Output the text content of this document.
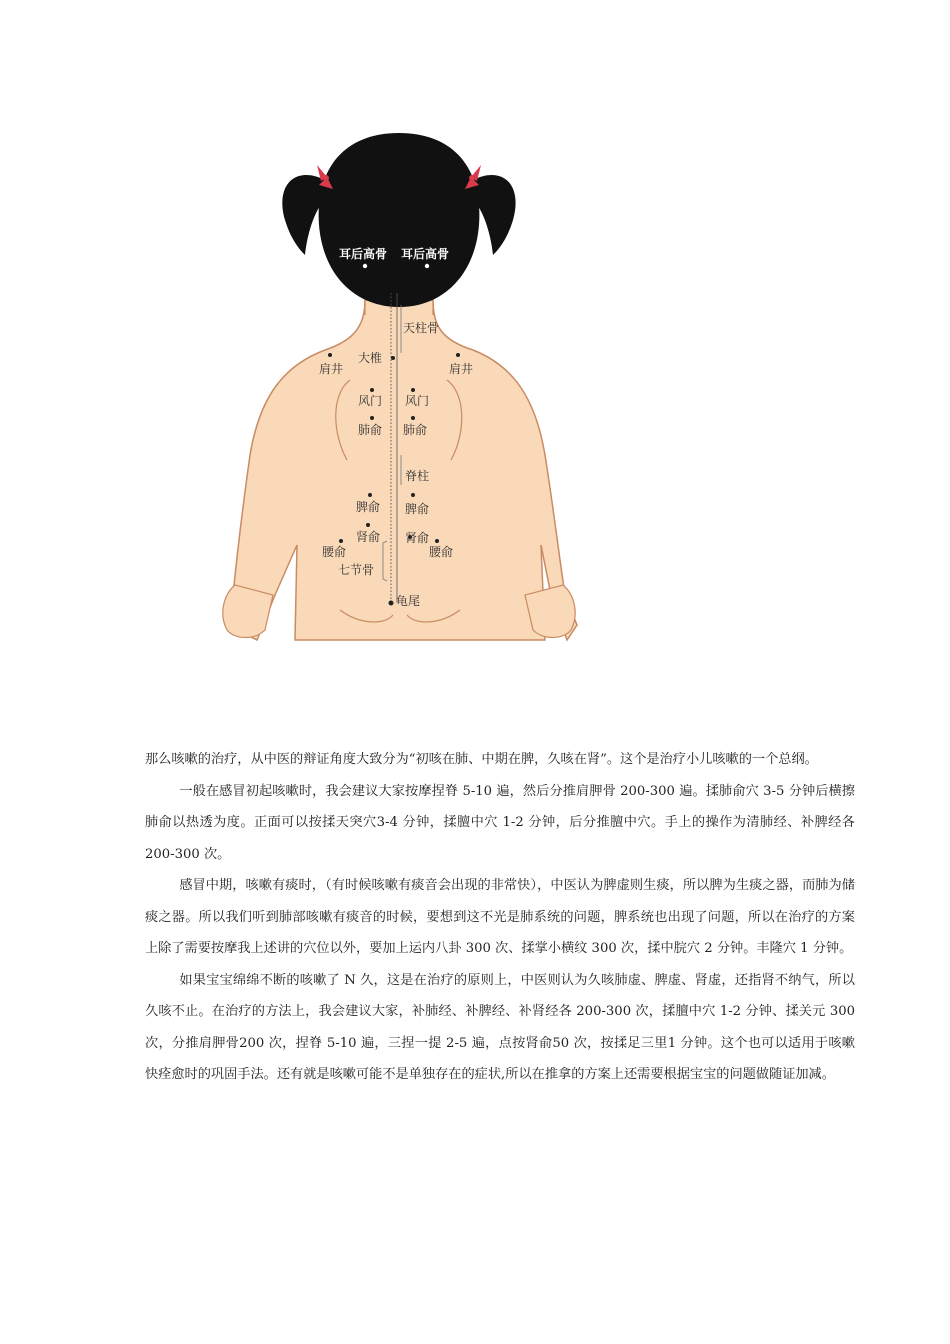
耳后高骨 耳后高骨
天柱骨
大椎
肩井	肩井
风门 风门
肺俞 肺俞
脊柱
脾俞 脾俞
肾俞 肾俞
腰俞	腰俞
七节骨
龟尾

那么咳嗽的治疗，从中医的辩证角度大致分为“初咳在肺、中期在脾，久咳在肾”。这个是治疗小儿咳嗽的一个总纲。

一般在感冒初起咳嗽时，我会建议大家按摩捏脊 5-10 遍，然后分推肩胛骨 200-300 遍。揉肺俞穴 3-5 分钟后横擦肺俞以热透为度。正面可以按揉天突穴3-4 分钟，揉膻中穴 1-2 分钟，后分推膻中穴。手上的操作为清肺经、补脾经各 200-300 次。

感冒中期，咳嗽有痰时，（有时候咳嗽有痰音会出现的非常快），中医认为脾虚则生痰，所以脾为生痰之器，而肺为储痰之器。所以我们听到肺部咳嗽有痰音的时候，要想到这不光是肺系统的问题，脾系统也出现了问题，所以在治疗的方案上除了需要按摩我上述讲的穴位以外，要加上运内八卦 300 次、揉掌小横纹 300 次，揉中脘穴 2 分钟。丰隆穴 1 分钟。

如果宝宝绵绵不断的咳嗽了 N 久，这是在治疗的原则上，中医则认为久咳肺虚、脾虚、肾虚，还指肾不纳气，所以久咳不止。在治疗的方法上，我会建议大家，补肺经、补脾经、补肾经各 200-300 次，揉膻中穴 1-2 分钟、揉关元 300 次，分推肩胛骨200 次，捏脊 5-10 遍，三捏一提 2-5 遍，点按肾俞50 次，按揉足三里1 分钟。这个也可以适用于咳嗽快痊愈时的巩固手法。还有就是咳嗽可能不是单独存在的症状,所以在推拿的方案上还需要根据宝宝的问题做随证加减。
